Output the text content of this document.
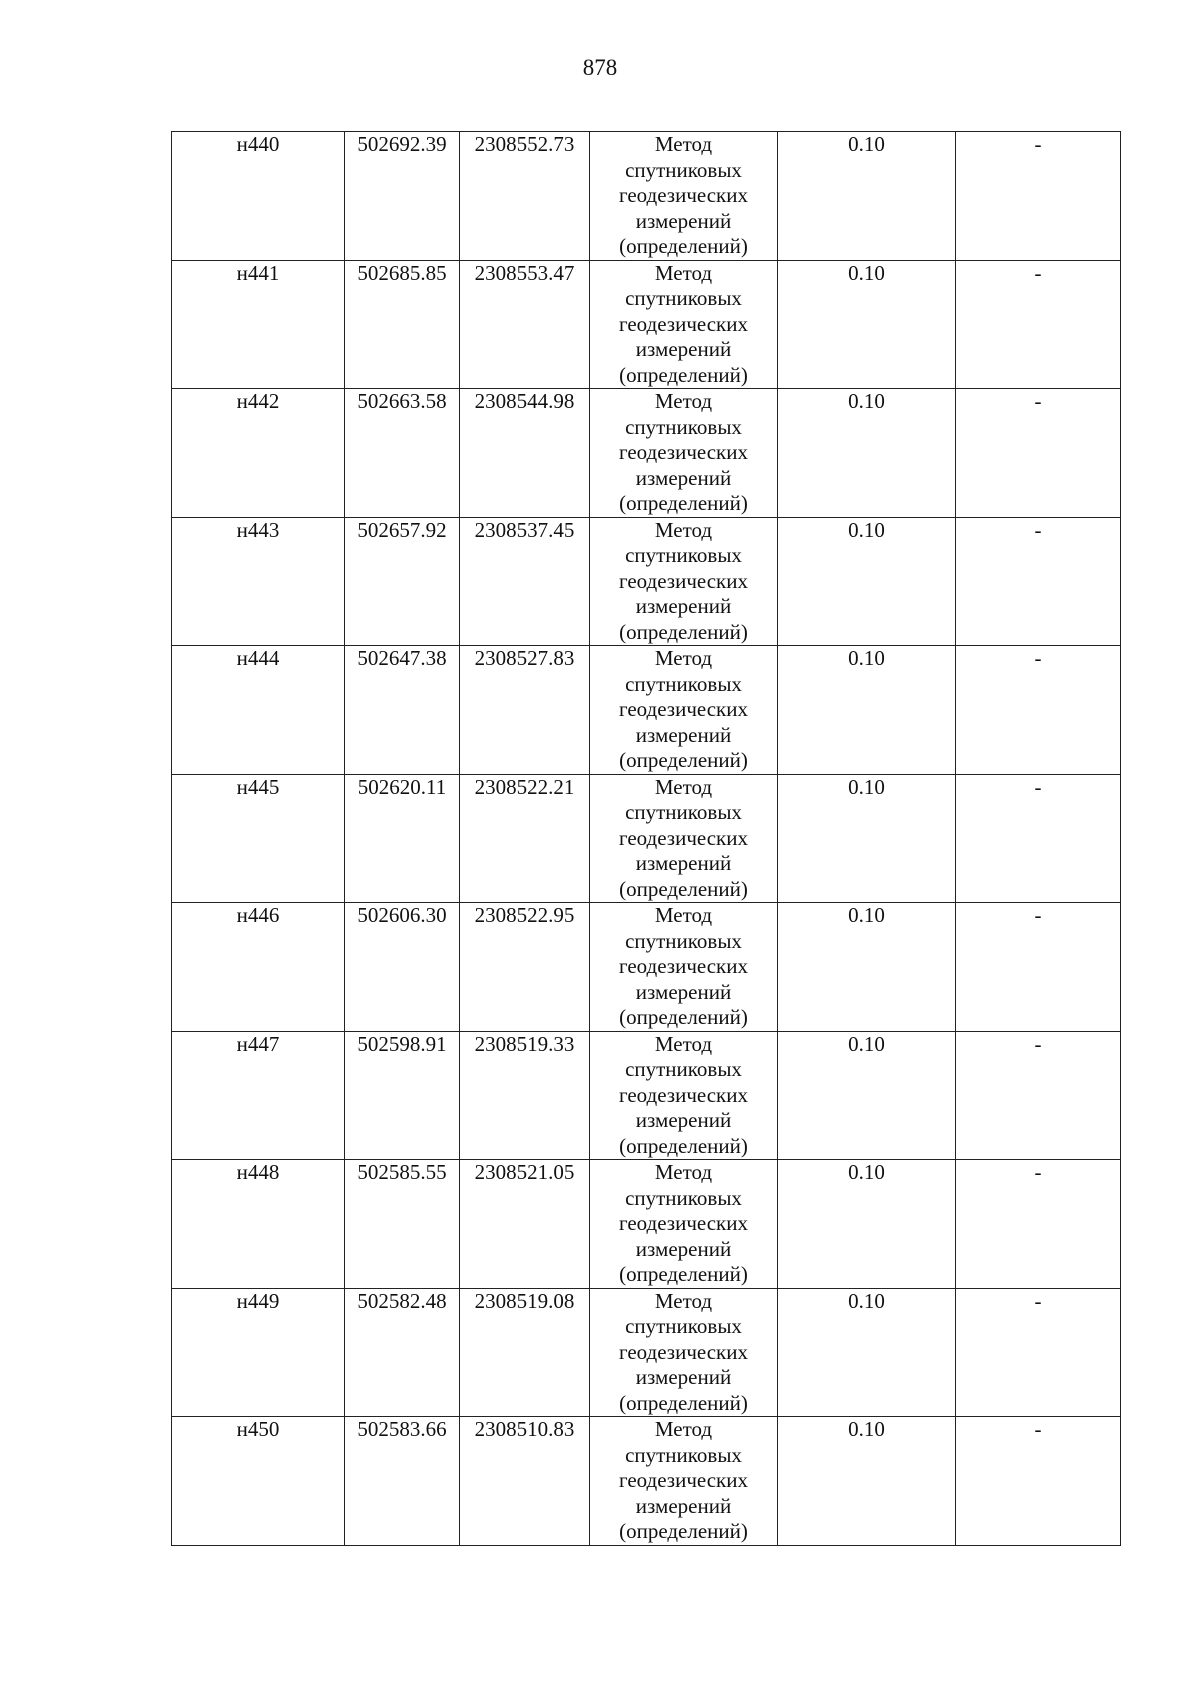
878
н440	502692.39	2308552.73	Метод спутниковых геодезических измерений (определений)	0.10	-
н441	502685.85	2308553.47	Метод спутниковых геодезических измерений (определений)	0.10	-
н442	502663.58	2308544.98	Метод спутниковых геодезических измерений (определений)	0.10	-
н443	502657.92	2308537.45	Метод спутниковых геодезических измерений (определений)	0.10	-
н444	502647.38	2308527.83	Метод спутниковых геодезических измерений (определений)	0.10	-
н445	502620.11	2308522.21	Метод спутниковых геодезических измерений (определений)	0.10	-
н446	502606.30	2308522.95	Метод спутниковых геодезических измерений (определений)	0.10	-
н447	502598.91	2308519.33	Метод спутниковых геодезических измерений (определений)	0.10	-
н448	502585.55	2308521.05	Метод спутниковых геодезических измерений (определений)	0.10	-
н449	502582.48	2308519.08	Метод спутниковых геодезических измерений (определений)	0.10	-
н450	502583.66	2308510.83	Метод спутниковых геодезических измерений (определений)	0.10	-
